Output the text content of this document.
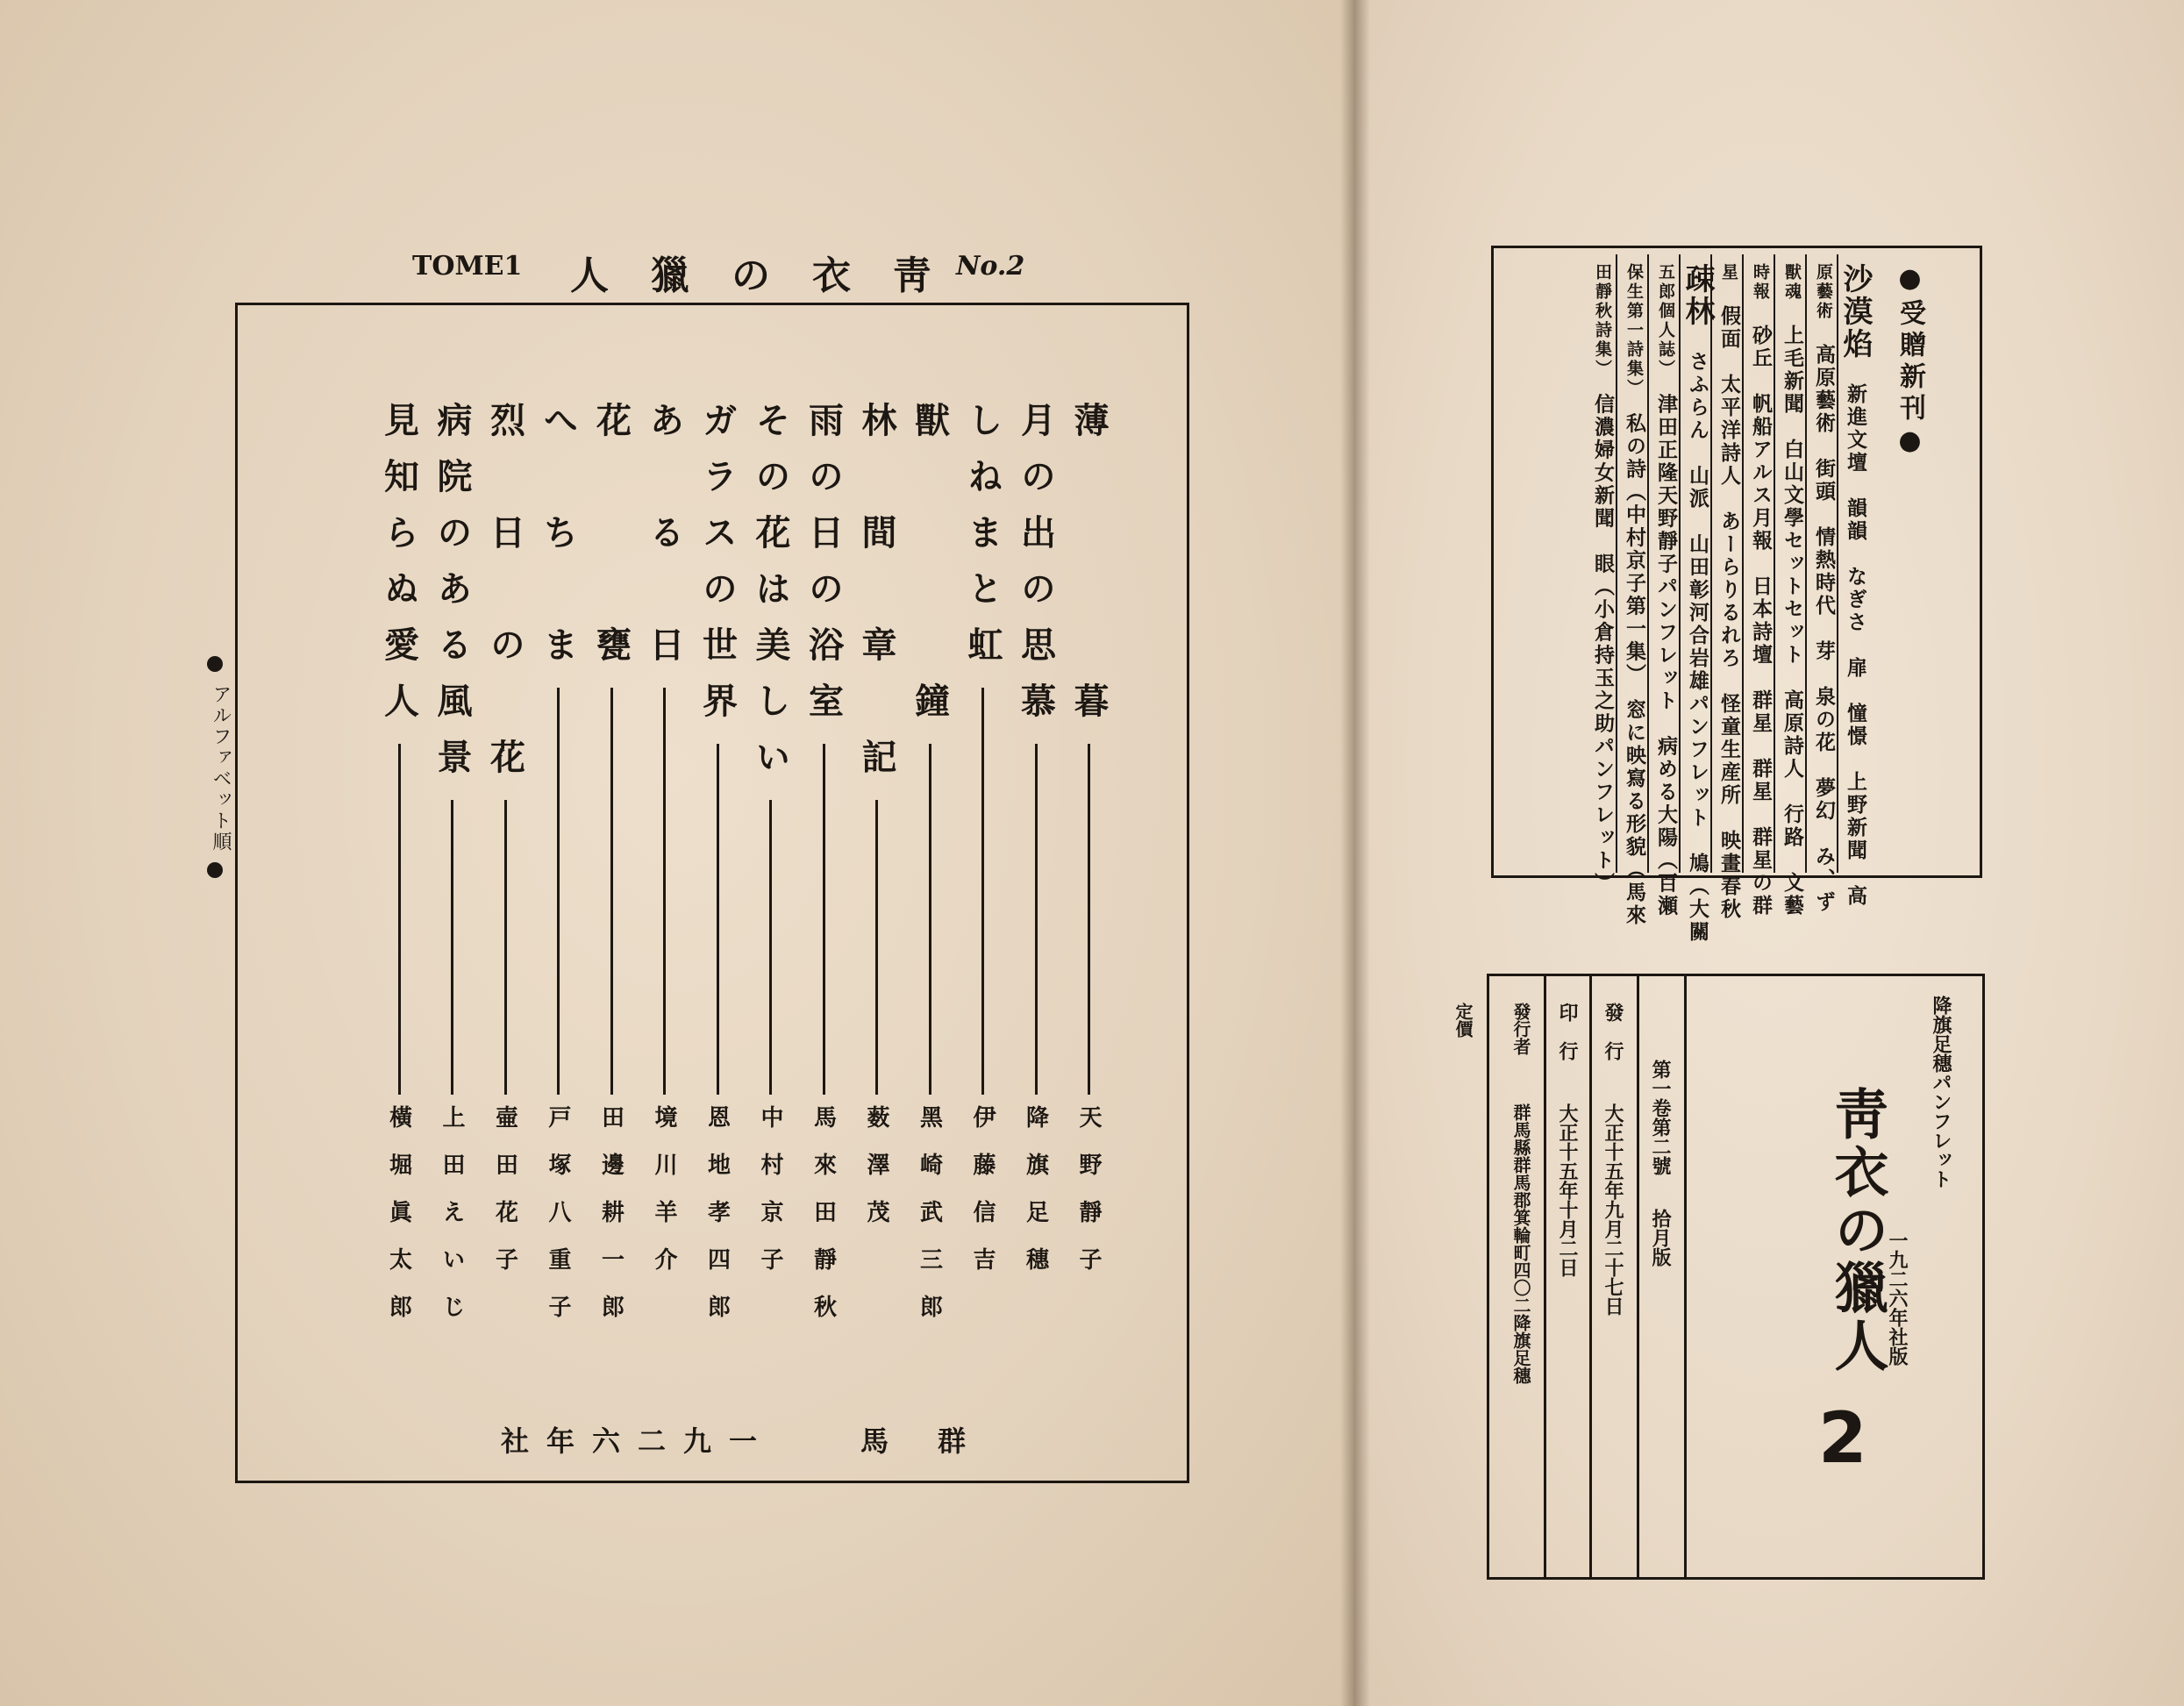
TOME1 人獵の衣靑
No.2
薄　　　　暮
天野靜子
月の出の思慕
降旗足穗
しねまと虹
伊藤信吉
獸　　　　鐘
黑崎武三郎
林　間　章　記
薮澤茂
雨の日の浴室
馬來田靜秋
その花は美しい
中村京子
ガラスの世界
恩地孝四郎
あ　る　日
境川羊介
花　　　甕
田邊耕一郎
へ　ち　ま
戸塚八重子
烈　日　の　花
壷田花子
病院のある風景
上田えいじ
見知らぬ愛人
橫堀眞太郎
アルファベット順
社年六二九一	馬群
●受贈新刊●
沙漠焰　新進文壇　韻韻　なぎさ　扉　憧憬　上野新聞　高
原藝術　高原藝術　街頭　情熱時代　芽　泉の花　夢幻　み、ず
獸魂　上毛新聞　白山文學セットセット　高原詩人　行路　文藝
時報　砂丘　帆船アルス月報　日本詩壇　群星　群星　群星の群
星　假面　太平洋詩人　あーらりるれろ　怪童生産所　映畫春秋
疎林　さふらん　山派　山田彰河合岩雄パンフレット　鳩（大關
五郎個人誌）　津田正隆天野靜子パンフレット　病める大陽（百瀬
保生第一詩集）　私の詩（中村京子第一集）　窓に映寫る形貌（馬來
田靜秋詩集）　信濃婦女新聞　眼（小倉持玉之助パンフレット）
降旗足穗パンフレット
一九二六年社版
靑衣の獵人
2
第一卷第二號
拾月版
發　行
大正十五年九月二十七日
印　行
大正十五年十月二日
發行者
群馬縣群馬郡箕輪町四〇二降旗足穗
定價
